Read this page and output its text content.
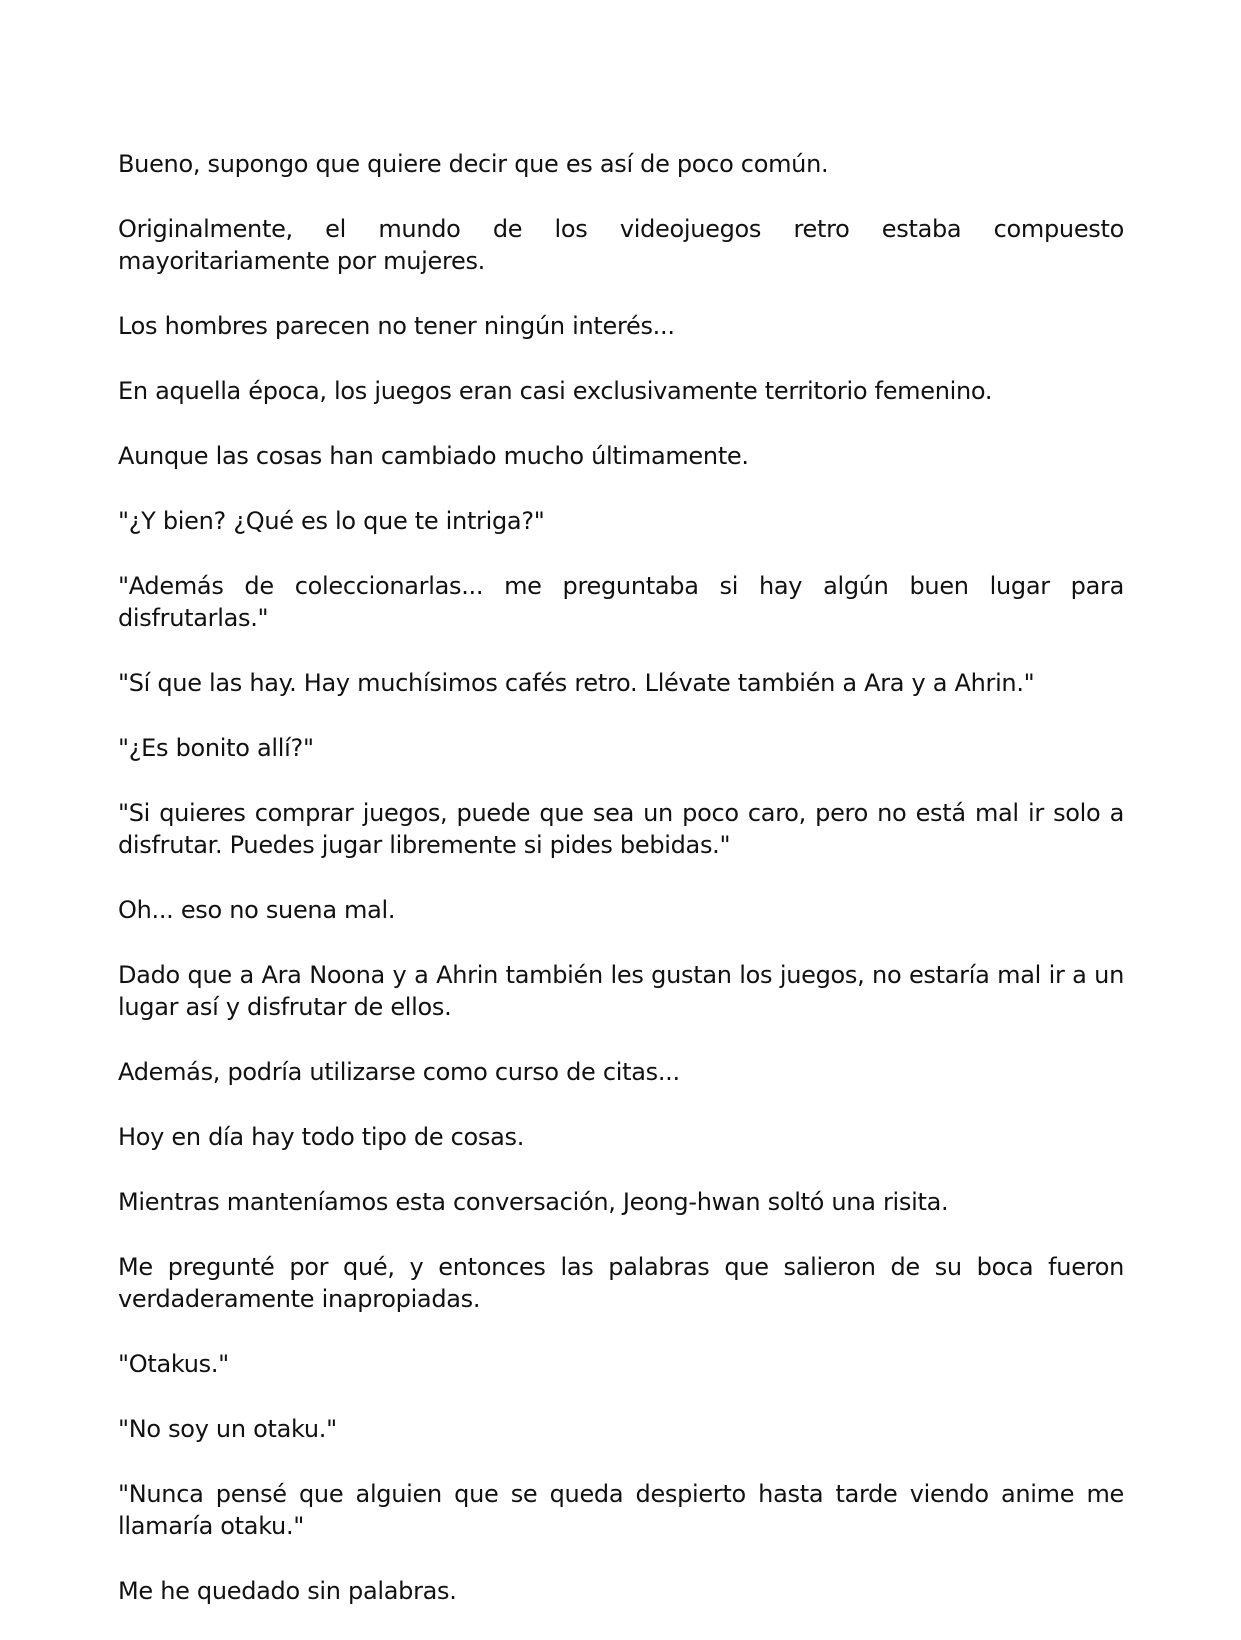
Bueno, supongo que quiere decir que es así de poco común.

Originalmente, el mundo de los videojuegos retro estaba compuesto mayoritariamente por mujeres.

Los hombres parecen no tener ningún interés...

En aquella época, los juegos eran casi exclusivamente territorio femenino.

Aunque las cosas han cambiado mucho últimamente.

"¿Y bien? ¿Qué es lo que te intriga?"

"Además de coleccionarlas... me preguntaba si hay algún buen lugar para disfrutarlas."

"Sí que las hay. Hay muchísimos cafés retro. Llévate también a Ara y a Ahrin."

"¿Es bonito allí?"

"Si quieres comprar juegos, puede que sea un poco caro, pero no está mal ir solo a disfrutar. Puedes jugar libremente si pides bebidas."

Oh... eso no suena mal.

Dado que a Ara Noona y a Ahrin también les gustan los juegos, no estaría mal ir a un lugar así y disfrutar de ellos.

Además, podría utilizarse como curso de citas...

Hoy en día hay todo tipo de cosas.

Mientras manteníamos esta conversación, Jeong-hwan soltó una risita.

Me pregunté por qué, y entonces las palabras que salieron de su boca fueron verdaderamente inapropiadas.

"Otakus."

"No soy un otaku."

"Nunca pensé que alguien que se queda despierto hasta tarde viendo anime me llamaría otaku."

Me he quedado sin palabras.
